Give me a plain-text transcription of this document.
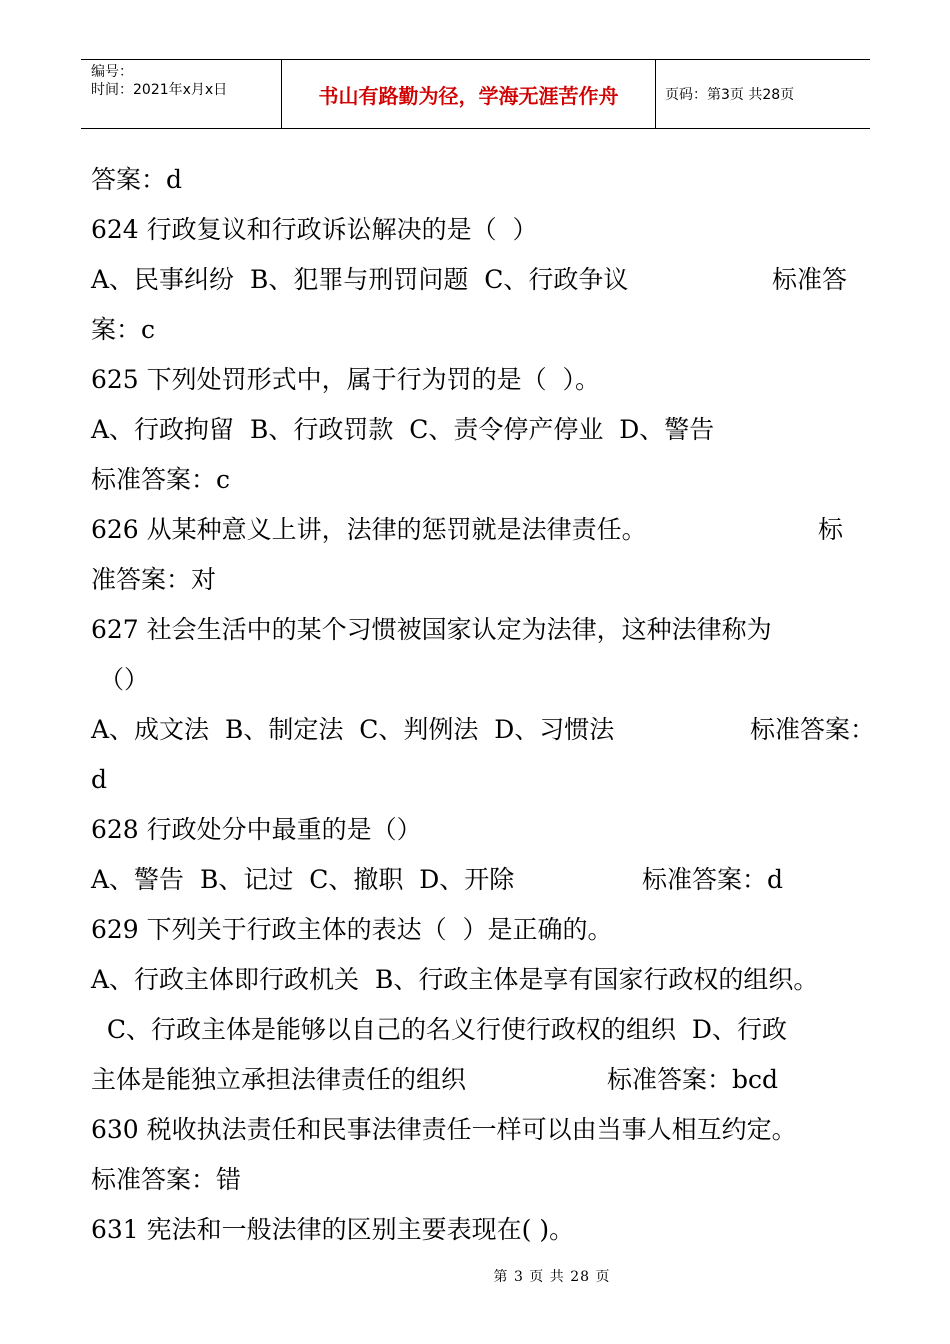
编号：
时间：2021年x月x日	书山有路勤为径，学海无涯苦作舟	页码：第3页 共28页
答案：d
624 行政复议和行政诉讼解决的是（  ）
A、民事纠纷  B、犯罪与刑罚问题  C、行政争议	标准答
案：c
625 下列处罚形式中，属于行为罚的是（  ）。
A、行政拘留  B、行政罚款  C、责令停产停业  D、警告
标准答案：c
626 从某种意义上讲，法律的惩罚就是法律责任。	标
准答案：对
627 社会生活中的某个习惯被国家认定为法律，这种法律称为
（）
A、成文法  B、制定法  C、判例法  D、习惯法	标准答案：
d
628 行政处分中最重的是（）
A、警告  B、记过  C、撤职  D、开除	标准答案：d
629 下列关于行政主体的表达（  ）是正确的。
A、行政主体即行政机关  B、行政主体是享有国家行政权的组织。
C、行政主体是能够以自己的名义行使行政权的组织  D、行政
主体是能独立承担法律责任的组织	标准答案：bcd
630 税收执法责任和民事法律责任一样可以由当事人相互约定。
标准答案：错
631 宪法和一般法律的区别主要表现在( )。
第 3 页 共 28 页
